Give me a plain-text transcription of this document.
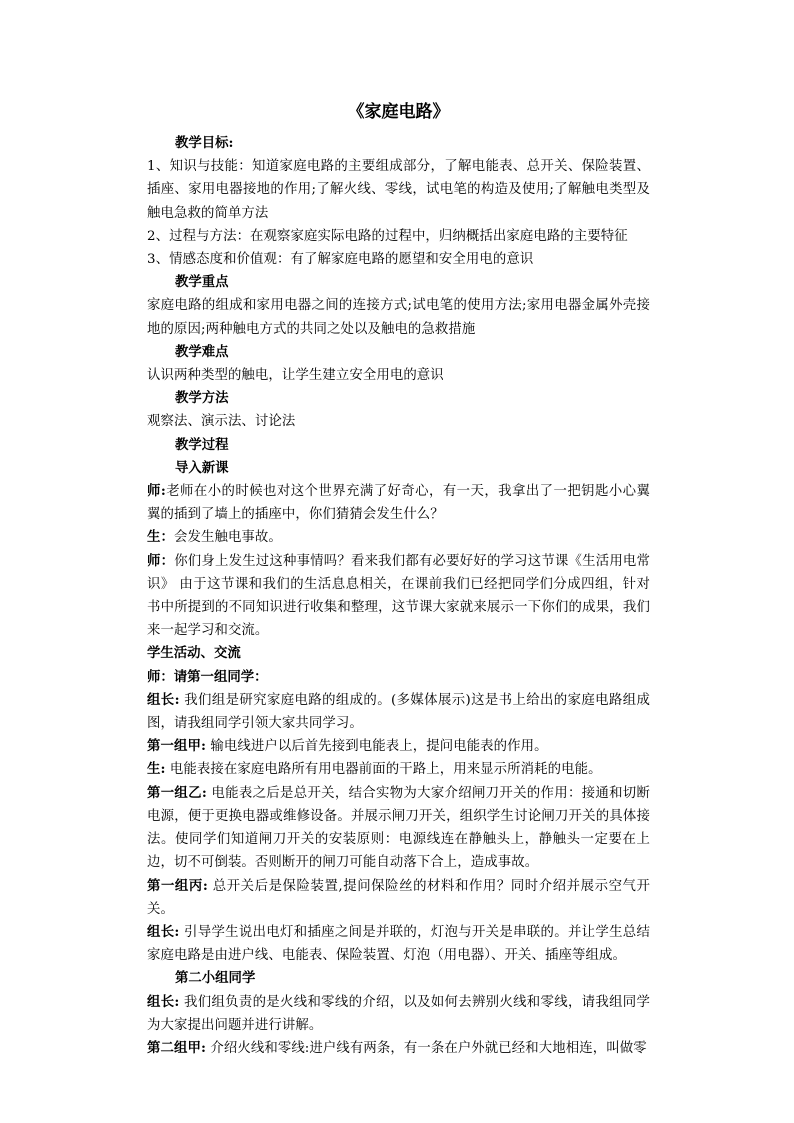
《家庭电路》

教学目标:

1、知识与技能：知道家庭电路的主要组成部分，了解电能表、总开关、保险装置、插座、家用电器接地的作用;了解火线、零线，试电笔的构造及使用;了解触电类型及触电急救的简单方法

2、过程与方法：在观察家庭实际电路的过程中，归纳概括出家庭电路的主要特征

3、情感态度和价值观：有了解家庭电路的愿望和安全用电的意识

教学重点

家庭电路的组成和家用电器之间的连接方式;试电笔的使用方法;家用电器金属外壳接地的原因;两种触电方式的共同之处以及触电的急救措施

教学难点

认识两种类型的触电，让学生建立安全用电的意识

教学方法

观察法、演示法、讨论法

教学过程

导入新课

师:老师在小的时候也对这个世界充满了好奇心，有一天，我拿出了一把钥匙小心翼翼的插到了墙上的插座中，你们猜猜会发生什么？

生：会发生触电事故。

师：你们身上发生过这种事情吗？看来我们都有必要好好的学习这节课《生活用电常识》 由于这节课和我们的生活息息相关，在课前我们已经把同学们分成四组，针对书中所提到的不同知识进行收集和整理，这节课大家就来展示一下你们的成果，我们来一起学习和交流。

学生活动、交流

师：请第一组同学：

组长: 我们组是研究家庭电路的组成的。(多媒体展示)这是书上给出的家庭电路组成图，请我组同学引领大家共同学习。

第一组甲: 输电线进户以后首先接到电能表上，提问电能表的作用。

生: 电能表接在家庭电路所有用电器前面的干路上，用来显示所消耗的电能。

第一组乙: 电能表之后是总开关，结合实物为大家介绍闸刀开关的作用：接通和切断电源，便于更换电器或维修设备。并展示闸刀开关，组织学生讨论闸刀开关的具体接法。使同学们知道闸刀开关的安装原则：电源线连在静触头上，静触头一定要在上边，切不可倒装。否则断开的闸刀可能自动落下合上，造成事故。

第一组丙: 总开关后是保险装置,提问保险丝的材料和作用？同时介绍并展示空气开关。

组长: 引导学生说出电灯和插座之间是并联的，灯泡与开关是串联的。并让学生总结家庭电路是由进户线、电能表、保险装置、灯泡（用电器）、开关、插座等组成。

第二小组同学

组长: 我们组负责的是火线和零线的介绍，以及如何去辨别火线和零线，请我组同学为大家提出问题并进行讲解。

第二组甲: 介绍火线和零线:进户线有两条，有一条在户外就已经和大地相连，叫做零
